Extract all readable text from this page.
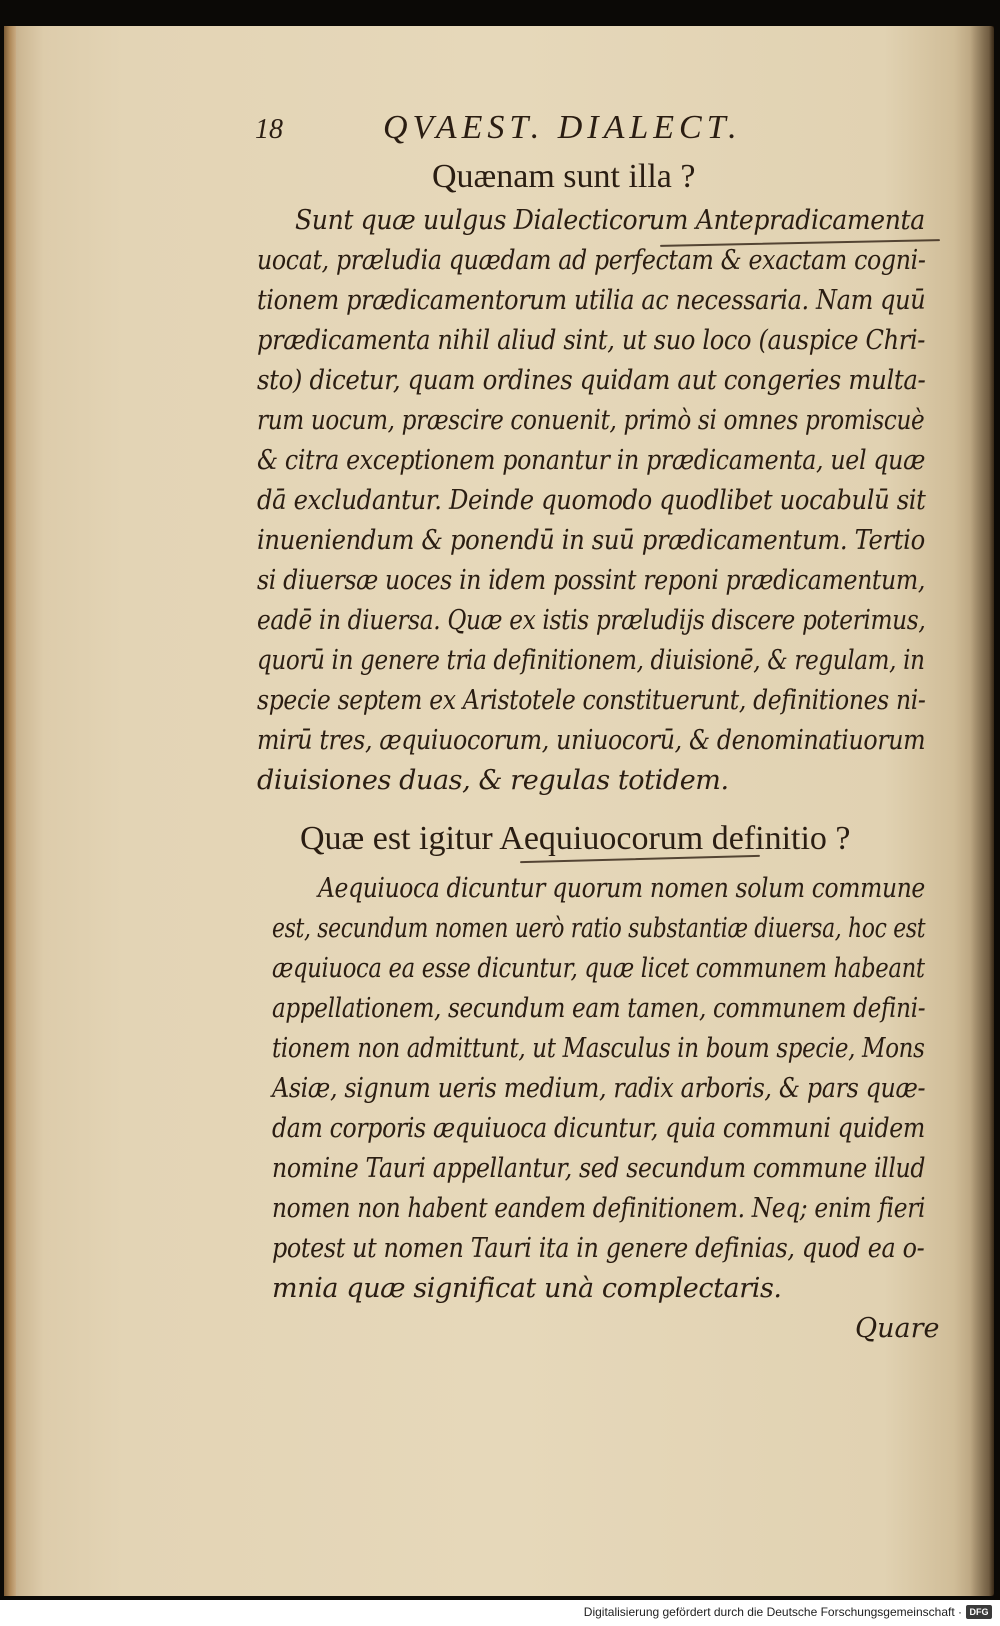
18	QVAEST. DIALECT.
Quænam sunt illa ?
Sunt quæ uulgus Dialecticorum Antepradicamenta
uocat, præludia quædam ad perfectam & exactam cogni-
tionem prædicamentorum utilia ac necessaria. Nam quū
prædicamenta nihil aliud sint, ut suo loco (auspice Chri-
sto) dicetur, quam ordines quidam aut congeries multa-
rum uocum, præscire conuenit, primò si omnes promiscuè
& citra exceptionem ponantur in prædicamenta, uel quæ
dā excludantur. Deinde quomodo quodlibet uocabulū sit
inueniendum & ponendū in suū prædicamentum. Tertio
si diuersæ uoces in idem possint reponi prædicamentum,
eadē in diuersa. Quæ ex istis præludijs discere poterimus,
quorū in genere tria definitionem, diuisionē, & regulam, in
specie septem ex Aristotele constituerunt, definitiones ni-
mirū tres, æquiuocorum, uniuocorū, & denominatiuorum
diuisiones duas, & regulas totidem.
Quæ est igitur Aequiuocorum definitio ?
Aequiuoca dicuntur quorum nomen solum commune
est, secundum nomen uerò ratio substantiæ diuersa, hoc est
æquiuoca ea esse dicuntur, quæ licet communem habeant
appellationem, secundum eam tamen, communem defini-
tionem non admittunt, ut Masculus in boum specie, Mons
Asiæ, signum ueris medium, radix arboris, & pars quæ-
dam corporis æquiuoca dicuntur, quia communi quidem
nomine Tauri appellantur, sed secundum commune illud
nomen non habent eandem definitionem. Neq; enim fieri
potest ut nomen Tauri ita in genere definias, quod ea o-
mnia quæ significat unà complectaris.
Quare
Digitalisierung gefördert durch die Deutsche Forschungsgemeinschaft · DFG
